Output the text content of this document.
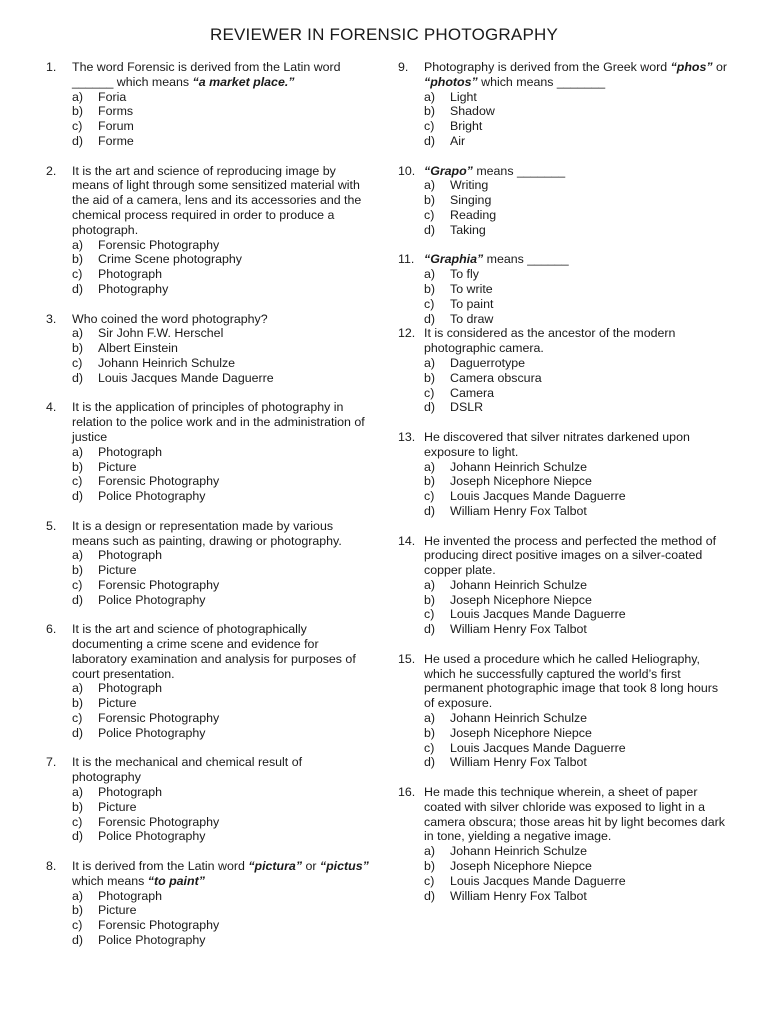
REVIEWER IN FORENSIC PHOTOGRAPHY
1. The word Forensic is derived from the Latin word ______ which means “a market place.”
a) Foria
b) Forms
c) Forum
d) Forme
2. It is the art and science of reproducing image by means of light through some sensitized material with the aid of a camera, lens and its accessories and the chemical process required in order to produce a photograph.
a) Forensic Photography
b) Crime Scene photography
c) Photograph
d) Photography
3. Who coined the word photography?
a) Sir John F.W. Herschel
b) Albert Einstein
c) Johann Heinrich Schulze
d) Louis Jacques Mande Daguerre
4. It is the application of principles of photography in relation to the police work and in the administration of justice
a) Photograph
b) Picture
c) Forensic Photography
d) Police Photography
5. It is a design or representation made by various means such as painting, drawing or photography.
a) Photograph
b) Picture
c) Forensic Photography
d) Police Photography
6. It is the art and science of photographically documenting a crime scene and evidence for laboratory examination and analysis for purposes of court presentation.
a) Photograph
b) Picture
c) Forensic Photography
d) Police Photography
7. It is the mechanical and chemical result of photography
a) Photograph
b) Picture
c) Forensic Photography
d) Police Photography
8. It is derived from the Latin word “pictura” or “pictus” which means “to paint”
a) Photograph
b) Picture
c) Forensic Photography
d) Police Photography
9. Photography is derived from the Greek word “phos” or “photos” which means _______
a) Light
b) Shadow
c) Bright
d) Air
10. “Grapo” means _______
a) Writing
b) Singing
c) Reading
d) Taking
11. “Graphia” means ______
a) To fly
b) To write
c) To paint
d) To draw
12. It is considered as the ancestor of the modern photographic camera.
a) Daguerrotype
b) Camera obscura
c) Camera
d) DSLR
13. He discovered that silver nitrates darkened upon exposure to light.
a) Johann Heinrich Schulze
b) Joseph Nicephore Niepce
c) Louis Jacques Mande Daguerre
d) William Henry Fox Talbot
14. He invented the process and perfected the method of producing direct positive images on a silver-coated copper plate.
a) Johann Heinrich Schulze
b) Joseph Nicephore Niepce
c) Louis Jacques Mande Daguerre
d) William Henry Fox Talbot
15. He used a procedure which he called Heliography, which he successfully captured the world’s first permanent photographic image that took 8 long hours of exposure.
a) Johann Heinrich Schulze
b) Joseph Nicephore Niepce
c) Louis Jacques Mande Daguerre
d) William Henry Fox Talbot
16. He made this technique wherein, a sheet of paper coated with silver chloride was exposed to light in a camera obscura; those areas hit by light becomes dark in tone, yielding a negative image.
a) Johann Heinrich Schulze
b) Joseph Nicephore Niepce
c) Louis Jacques Mande Daguerre
d) William Henry Fox Talbot
